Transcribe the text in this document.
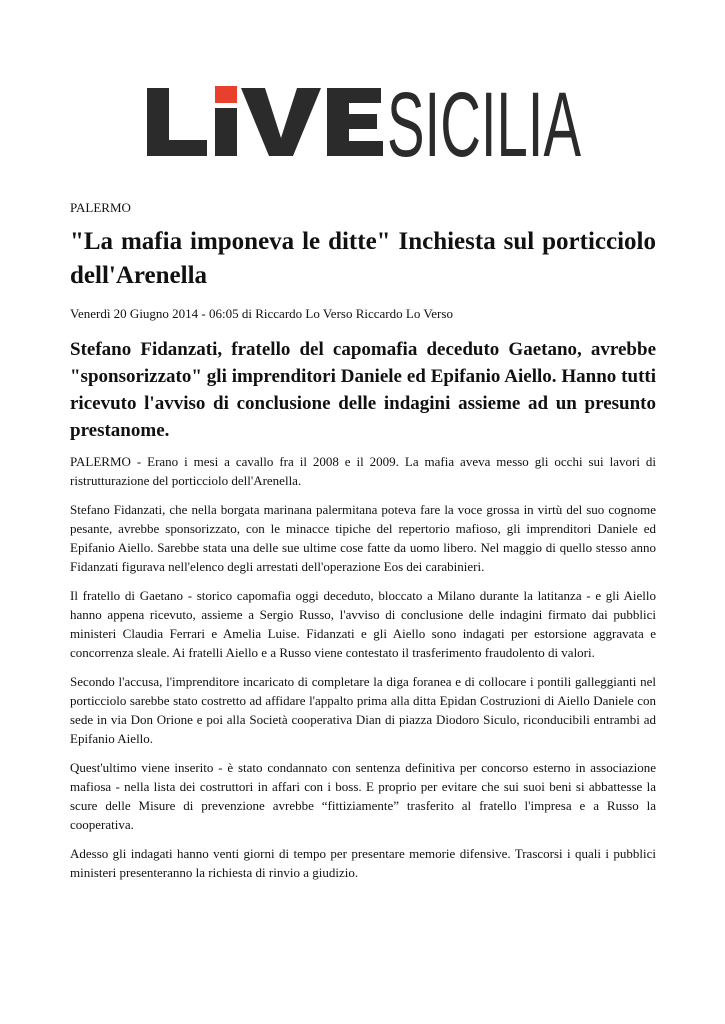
SICILIA
PALERMO
"La mafia imponeva le ditte" Inchiesta sul porticciolo dell'Arenella
Venerdì 20 Giugno 2014 - 06:05 di Riccardo Lo Verso Riccardo Lo Verso
Stefano Fidanzati, fratello del capomafia deceduto Gaetano, avrebbe "sponsorizzato" gli imprenditori Daniele ed Epifanio Aiello. Hanno tutti ricevuto l'avviso di conclusione delle indagini assieme ad un presunto prestanome.

PALERMO - Erano i mesi a cavallo fra il 2008 e il 2009. La mafia aveva messo gli occhi sui lavori di ristrutturazione del porticciolo dell'Arenella.

Stefano Fidanzati, che nella borgata marinana palermitana poteva fare la voce grossa in virtù del suo cognome pesante, avrebbe sponsorizzato, con le minacce tipiche del repertorio mafioso, gli imprenditori Daniele ed Epifanio Aiello. Sarebbe stata una delle sue ultime cose fatte da uomo libero. Nel maggio di quello stesso anno Fidanzati figurava nell'elenco degli arrestati dell'operazione Eos dei carabinieri.

Il fratello di Gaetano - storico capomafia oggi deceduto, bloccato a Milano durante la latitanza - e gli Aiello hanno appena ricevuto, assieme a Sergio Russo, l'avviso di conclusione delle indagini firmato dai pubblici ministeri Claudia Ferrari e Amelia Luise. Fidanzati e gli Aiello sono indagati per estorsione aggravata e concorrenza sleale. Ai fratelli Aiello e a Russo viene contestato il trasferimento fraudolento di valori.

Secondo l'accusa, l'imprenditore incaricato di completare la diga foranea e di collocare i pontili galleggianti nel porticciolo sarebbe stato costretto ad affidare l'appalto prima alla ditta Epidan Costruzioni di Aiello Daniele con sede in via Don Orione e poi alla Società cooperativa Dian di piazza Diodoro Siculo, riconducibili entrambi ad Epifanio Aiello.

Quest'ultimo viene inserito - è stato condannato con sentenza definitiva per concorso esterno in associazione mafiosa - nella lista dei costruttori in affari con i boss. E proprio per evitare che sui suoi beni si abbattesse la scure delle Misure di prevenzione avrebbe “fittiziamente” trasferito al fratello l'impresa e a Russo la cooperativa.

Adesso gli indagati hanno venti giorni di tempo per presentare memorie difensive. Trascorsi i quali i pubblici ministeri presenteranno la richiesta di rinvio a giudizio.
